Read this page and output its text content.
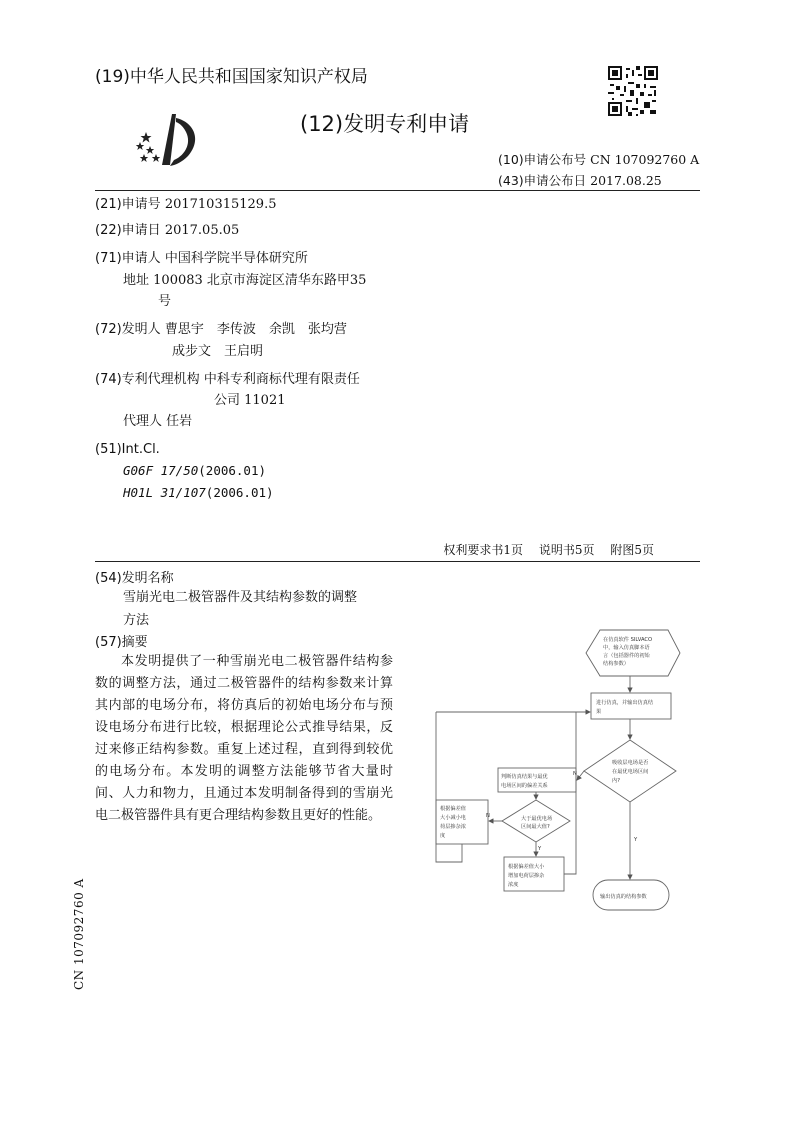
(19)中华人民共和国国家知识产权局
(12)发明专利申请
(10)申请公布号 CN 107092760 A
(43)申请公布日 2017.08.25
(21)申请号 201710315129.5
(22)申请日 2017.05.05
(71)申请人 中国科学院半导体研究所
地址 100083 北京市海淀区清华东路甲35
号
(72)发明人 曹思宇　李传波　余凯　张均营
成步文　王启明
(74)专利代理机构 中科专利商标代理有限责任
公司 11021
代理人 任岩
(51)Int.Cl.
G06F 17/50(2006.01)
H01L 31/107(2006.01)
权利要求书1页 说明书5页 附图5页
(54)发明名称
雪崩光电二极管器件及其结构参数的调整
方法
(57)摘要
本发明提供了一种雪崩光电二极管器件结构参数的调整方法，通过二极管器件的结构参数来计算其内部的电场分布，将仿真后的初始电场分布与预设电场分布进行比较，根据理论公式推导结果，反过来修正结构参数。重复上述过程，直到得到较优的电场分布。本发明的调整方法能够节省大量时间、人力和物力，且通过本发明制备得到的雪崩光电二极管器件具有更合理结构参数且更好的性能。
在仿真软件 SILVACO
中，输入仿真脚本语
言（包括器件的初始
结构参数）
进行仿真，并输出仿真结
果
吸收层电场是否
在最优电场区间
内?
判断仿真结果与最优
电场区间的偏差关系
大于最优电场
区间最大值?
根据偏差值
大小减小电
荷层掺杂浓
度
根据偏差值大小
增加电荷层掺杂
浓度
输出仿真的结构参数
N
N
Y
Y
CN 107092760 A
